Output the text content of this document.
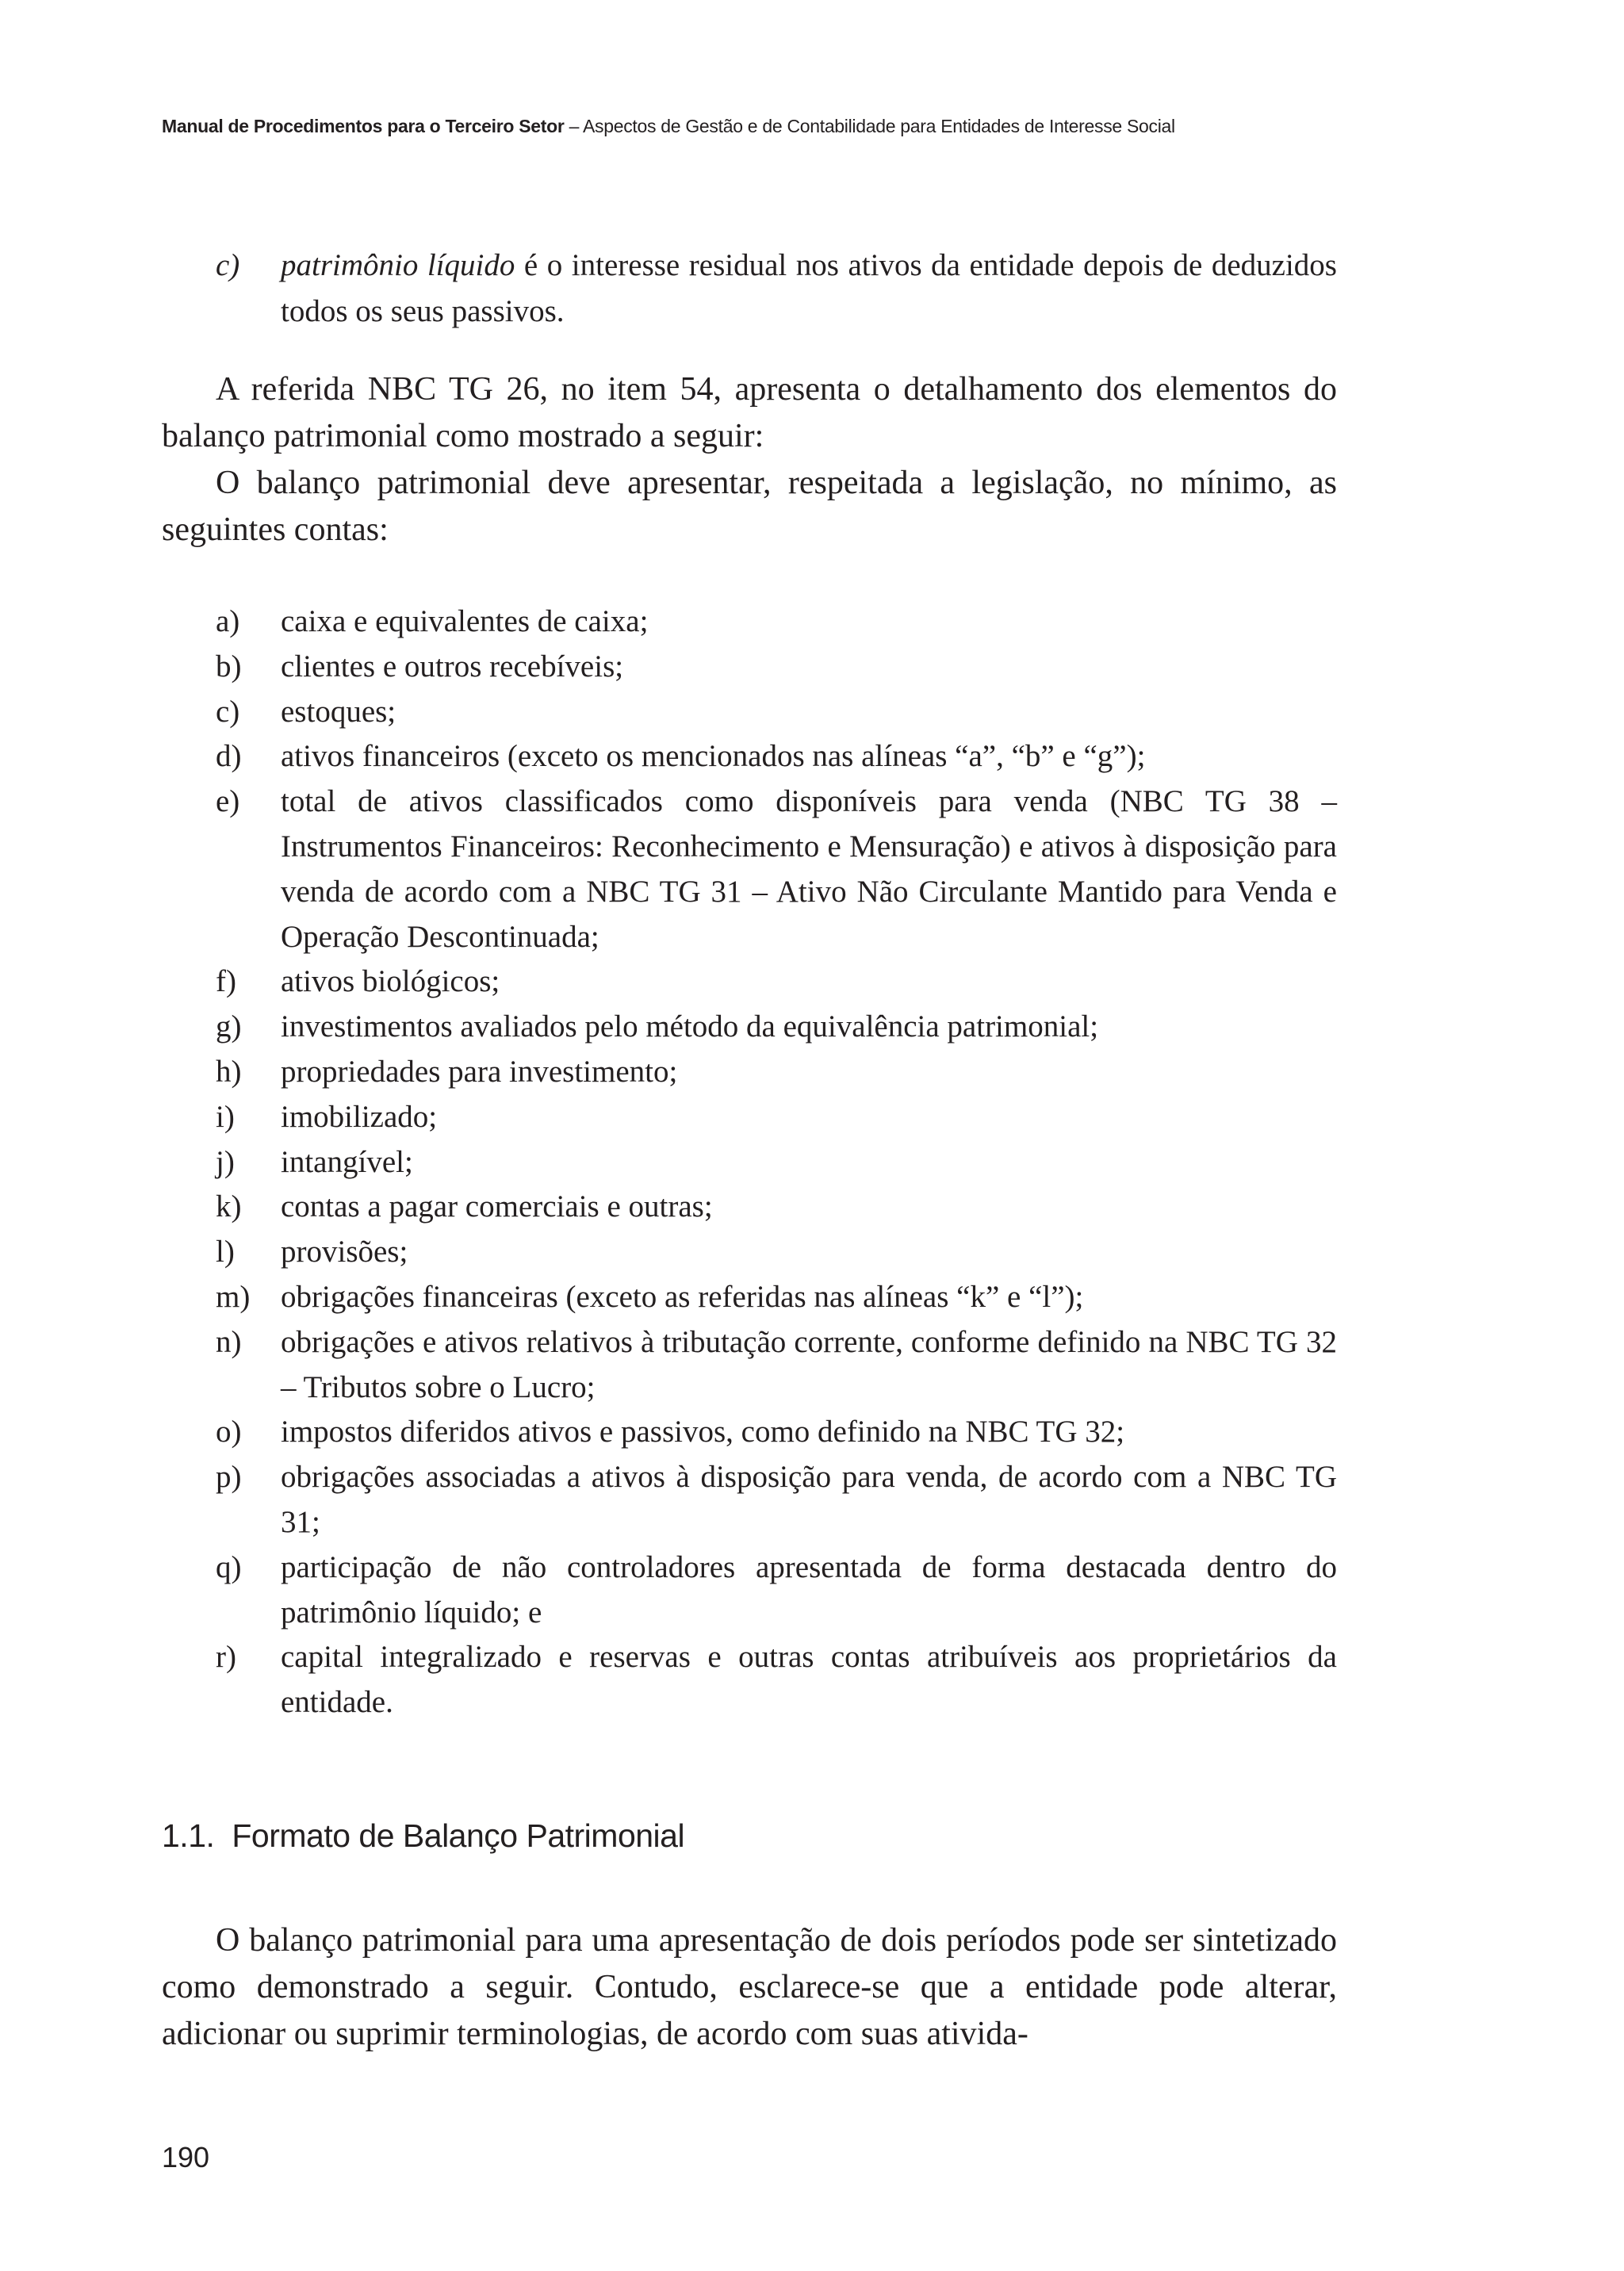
Manual de Procedimentos para o Terceiro Setor – Aspectos de Gestão e de Contabilidade para Entidades de Interesse Social
c)	patrimônio líquido é o interesse residual nos ativos da entidade depois de deduzidos todos os seus passivos.

A referida NBC TG 26, no item 54, apresenta o detalhamento dos elementos do balanço patrimonial como mostrado a seguir:

O balanço patrimonial deve apresentar, respeitada a legislação, no mínimo, as seguintes contas:

a)	caixa e equivalentes de caixa;
b)	clientes e outros recebíveis;
c)	estoques;
d)	ativos financeiros (exceto os mencionados nas alíneas “a”, “b” e “g”);
e)	total de ativos classificados como disponíveis para venda (NBC TG 38 – Instrumentos Financeiros: Reconhecimento e Mensuração) e ativos à disposição para venda de acordo com a NBC TG 31 – Ativo Não Circulante Mantido para Venda e Operação Descontinuada;
f)	ativos biológicos;
g)	investimentos avaliados pelo método da equivalência patrimonial;
h)	propriedades para investimento;
i)	imobilizado;
j)	intangível;
k)	contas a pagar comerciais e outras;
l)	provisões;
m) obrigações financeiras (exceto as referidas nas alíneas “k” e “l”);
n)	obrigações e ativos relativos à tributação corrente, conforme definido na NBC TG 32 – Tributos sobre o Lucro;
o)	impostos diferidos ativos e passivos, como definido na NBC TG 32;
p)	obrigações associadas a ativos à disposição para venda, de acordo com a NBC TG 31;
q)	participação de não controladores apresentada de forma destacada dentro do patrimônio líquido; e
r)	capital integralizado e reservas e outras contas atribuíveis aos proprietários da entidade.
1.1. Formato de Balanço Patrimonial

O balanço patrimonial para uma apresentação de dois períodos pode ser sintetizado como demonstrado a seguir. Contudo, esclarece-se que a entidade pode alterar, adicionar ou suprimir terminologias, de acordo com suas ativida-

190
